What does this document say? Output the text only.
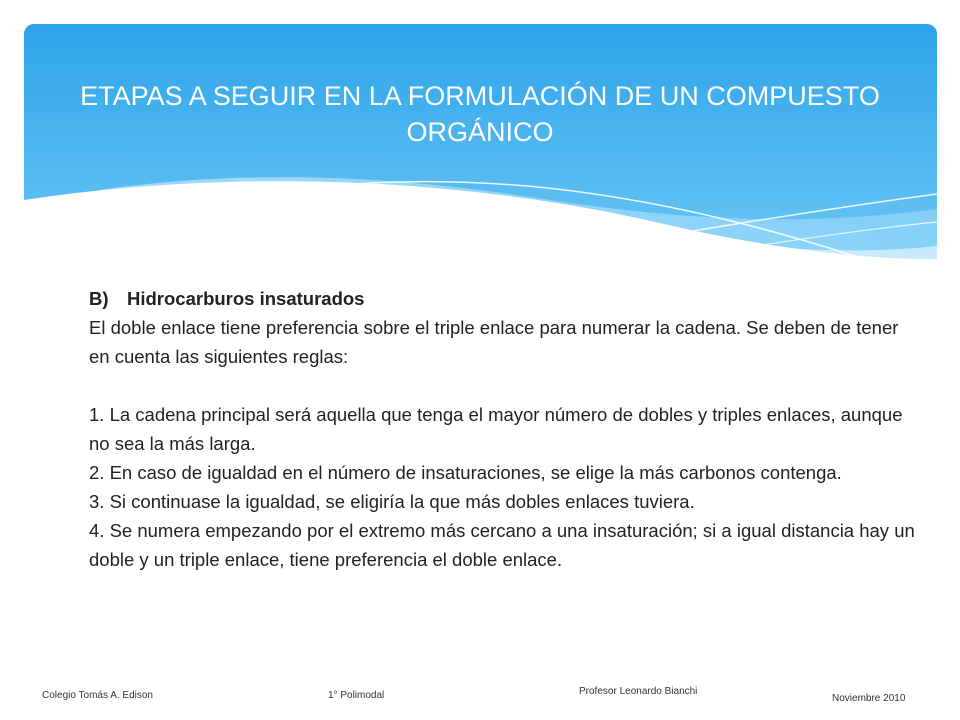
ETAPAS A SEGUIR EN LA FORMULACIÓN DE UN COMPUESTO ORGÁNICO

B) Hidrocarburos insaturados

El doble enlace tiene preferencia sobre el triple enlace para numerar la cadena. Se deben de tener en cuenta las siguientes reglas:

1. La cadena principal será aquella que tenga el mayor número de dobles y triples enlaces, aunque no sea la más larga.

2. En caso de igualdad en el número de insaturaciones, se elige la más carbonos contenga.

3. Si continuase la igualdad, se eligiría la que más dobles enlaces tuviera.

4. Se numera empezando por el extremo más cercano a una insaturación; si a igual distancia hay un doble y un triple enlace, tiene preferencia el doble enlace.

Colegio Tomás A. Edison	1° Polimodal	Profesor Leonardo Bianchi
Noviembre 2010
